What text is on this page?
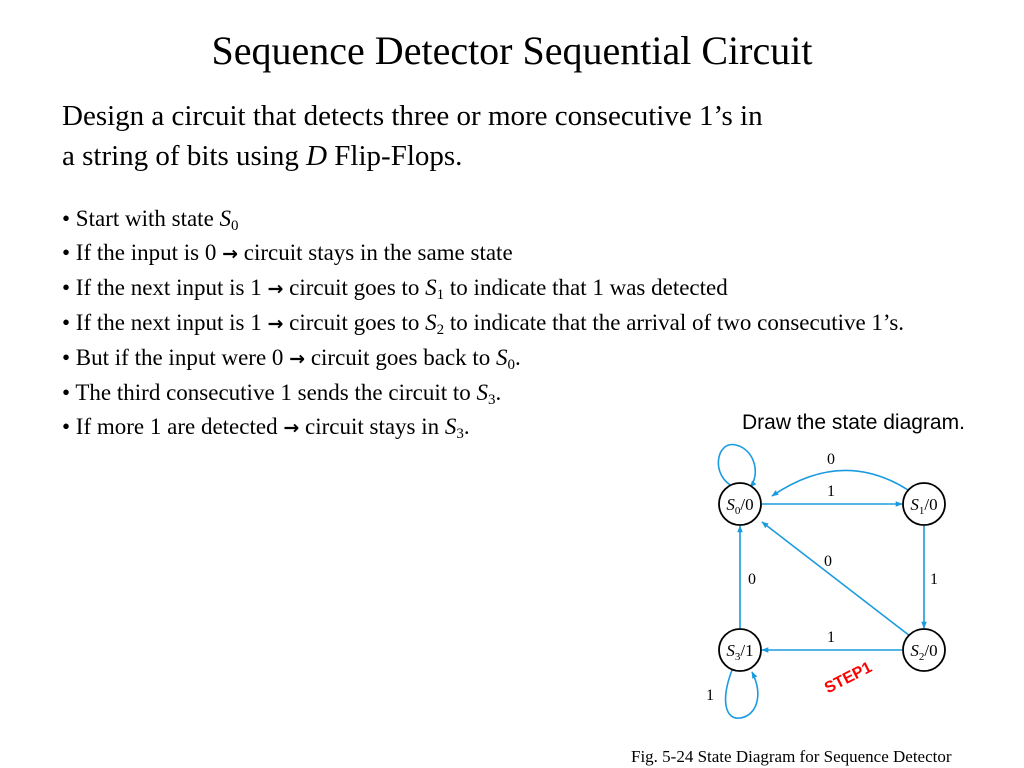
Sequence Detector Sequential Circuit
Design a circuit that detects three or more consecutive 1’s in
a string of bits using D Flip-Flops.
• Start with state $S_0$
• If the input is 0 → circuit stays in the same state
• If the next input is 1 → circuit goes to $S_1$ to indicate that 1 was detected
• If the next input is 1 → circuit goes to $S_2$ to indicate that the arrival of two consecutive 1’s.
• But if the input were 0 → circuit goes back to $S_0$.
• The third consecutive 1 sends the circuit to $S_3$.
• If more 1 are detected → circuit stays in $S_3$.	Draw the state diagram.
0
1
0
0	1
1
1
$S_0/0$	$S_1/0$
$S_2/0$
$S_3/1$
STEP1
Fig. 5-24 State Diagram for Sequence Detector
